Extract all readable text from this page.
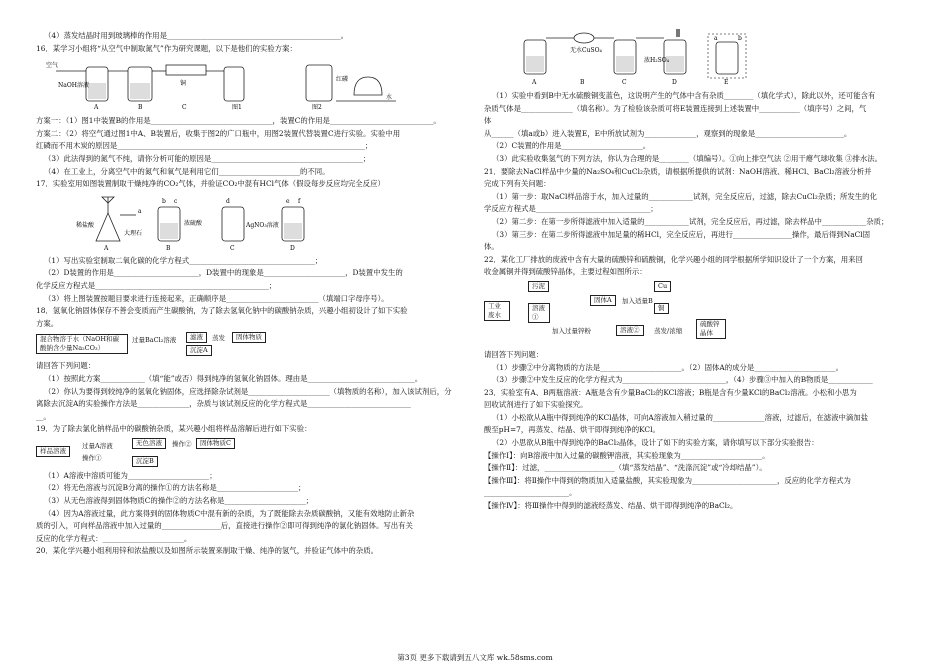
（4）蒸发结晶时用到玻璃棒的作用是_______________________________________________。
16．某学习小组将“从空气中制取氮气”作为研究课题，以下是他们的实验方案：
空气
NaOH溶液	铜
A	B	C	图1	图2
红磷
水
方案一：（1）图1中装置B的作用是_________________________________，装置C的作用是____________________________。
方案二：（2）将空气通过图1中A、B装置后，收集于图2的广口瓶中，用图2装置代替装置C进行实验。实验中用
红磷而不用木炭的原因是___________________________________________________________________；
（3）此法得到的氮气不纯，请你分析可能的原因是_________________________________________；
（4）在工业上，分离空气中的氮气和氧气是利用它们______________________的不同。
17．实验室用如图装置制取干燥纯净的CO₂气体，并验证CO₂中混有HCl气体（假设每步反应均完全反应）
稀盐酸
大理石
浓硫酸	AgNO₃溶液
A	B	C	D
a
b c	d	e f
（1）写出实验室制取二氧化碳的化学方程式__________________________________；
（2）D装置的作用是_______________________，D装置中的现象是______________________，D装置中发生的
化学反应方程式是_______________________________________________；
（3）将上图装置按题目要求进行连接起来，正确顺序是_________________________（填端口字母序号）。
18．氢氧化钠固体保存不善会变质而产生碳酸钠，为了除去氢氧化钠中的碳酸钠杂质，兴趣小组初设计了如下实验
方案。
混合物溶于水（NaOH和碳酸钠含少量Na₂CO₃）
过量BaCl₂溶液	滤液	蒸发	固体物质
沉淀A
请回答下列问题：
（1）按照此方案____________（填“能”或否）得到纯净的氢氧化钠固体。理由是_____________________________。
（2）你认为要得到较纯净的氢氧化钠固体，应选择除杂试剂是______________________（填物质的名称），加入该试剂后，分
离除去沉淀A的实验操作方法是______________，杂质与该试剂反应的化学方程式是____________________________
__。
19．为了除去氯化钠样品中的碳酸钠杂质，某兴趣小组将样品溶解后进行如下实验：
样品溶液
过量A溶液
操作①
无色溶液	操作②	固体物质C
沉淀B
（1）A溶液中溶质可能为______________________；
（2）将无色溶液与沉淀B分离的操作①的方法名称是______________________；
（3）从无色溶液得到固体物质C的操作②的方法名称是______________________；
（4）因为A溶液过量，此方案得到的固体物质C中混有新的杂质，为了既能除去杂质碳酸钠，又能有效地防止新杂
质的引入，可向样品溶液中加入过量的________________后，直接进行操作②即可得到纯净的氯化钠固体。写出有关
反应的化学方程式：______________________。
20．某化学兴趣小组利用锌和浓盐酸以及如图所示装置来制取干燥、纯净的氢气，并验证气体中的杂质。
无水CuSO₄
浓H₂SO₄
A	B	C	D	E
a	b
（1）实验中看到B中无水硫酸铜变蓝色，这说明产生的气体中含有杂质________（填化学式），除此以外，还可能含有
杂质气体是______________（填名称）。为了检验该杂质可将E装置连接到上述装置中___________（填序号）之间，气
体
从______（填a或b）进入装置E，E中所放试剂为______________，观察到的现象是________________________。
（2）C装置的作用是______________________。
（3）此实验收集氢气的下列方法，你认为合理的是________（填编号）。①向上排空气法 ②用干瘪气球收集 ③排水法。
21．要除去NaCl样品中少量的Na₂SO₄和CuCl₂杂质，请根据所提供的试剂：NaOH溶液、稀HCl、BaCl₂溶液分析并
完成下列有关问题：
（1）第一步：取NaCl样品溶于水，加入过量的____________试剂，完全反应后，过滤，除去CuCl₂杂质；所发生的化
学反应方程式是_______________________________；
（2）第二步：在第一步所得滤液中加入适量的____________试剂，完全反应后，再过滤，除去样品中____________杂质；
（3）第三步：在第二步所得滤液中加足量的稀HCl，完全反应后，再进行________________操作，最后得到NaCl固
体。
22．某化工厂排放的废液中含有大量的硫酸锌和硫酸铜，化学兴趣小组的同学根据所学知识设计了一个方案，用来回
收金属铜并得到硫酸锌晶体，主要过程如图所示：
工业废水
污泥
溶液①
固体A
加入过量锌粉
加入适量B
Cu
溶液②
铜
蒸发/浓缩
硫酸锌晶体
请回答下列问题：
（1）步骤②中分离物质的方法是______________________。（2）固体A的成分是______________________。
（3）步骤②中发生反应的化学方程式为____________________________，（4）步骤③中加入的B物质是____________
23．实验室有A、B两瓶溶液：A瓶是含有少量BaCl₂的KCl溶液；B瓶是含有少量KCl的BaCl₂溶液。小松和小思为
回收试剂进行了如下实验探究。
（1）小松欲从A瓶中得到纯净的KCl晶体，可向A溶液加入稍过量的______________溶液，过滤后，在滤液中滴加盐
酸至pH=7，再蒸发、结晶、烘干即得到纯净的KCl。
（2）小思欲从B瓶中得到纯净的BaCl₂晶体，设计了如下的实验方案，请你填写以下部分实验报告：
【操作Ⅰ】：向B溶液中加入过量的碳酸钾溶液，其实验现象为______________________。
【操作Ⅱ】：过滤，___________________（填“蒸发结晶”、“洗涤沉淀”或“冷却结晶”）。
【操作Ⅲ】：将Ⅱ操作中得到的物质加入适量盐酸，其实验现象为_______________________，反应的化学方程式为
_______________________。
【操作Ⅳ】：将Ⅲ操作中得到的滤液经蒸发、结晶、烘干即得到纯净的BaCl₂。
第3页 更多下载请到五八文库 wk.58sms.com
